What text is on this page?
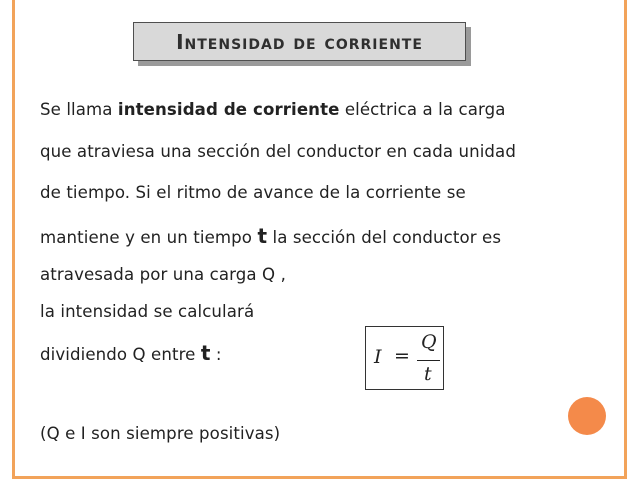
Intensidad de corriente
Se llama intensidad de corriente eléctrica a la carga
que atraviesa una sección del conductor en cada unidad
de tiempo. Si el ritmo de avance de la corriente se
mantiene y en un tiempo t la sección del conductor es
atravesada por una carga Q ,
la intensidad se calculará
dividiendo Q entre t :
(Q e I son siempre positivas)
I =
Q
t
